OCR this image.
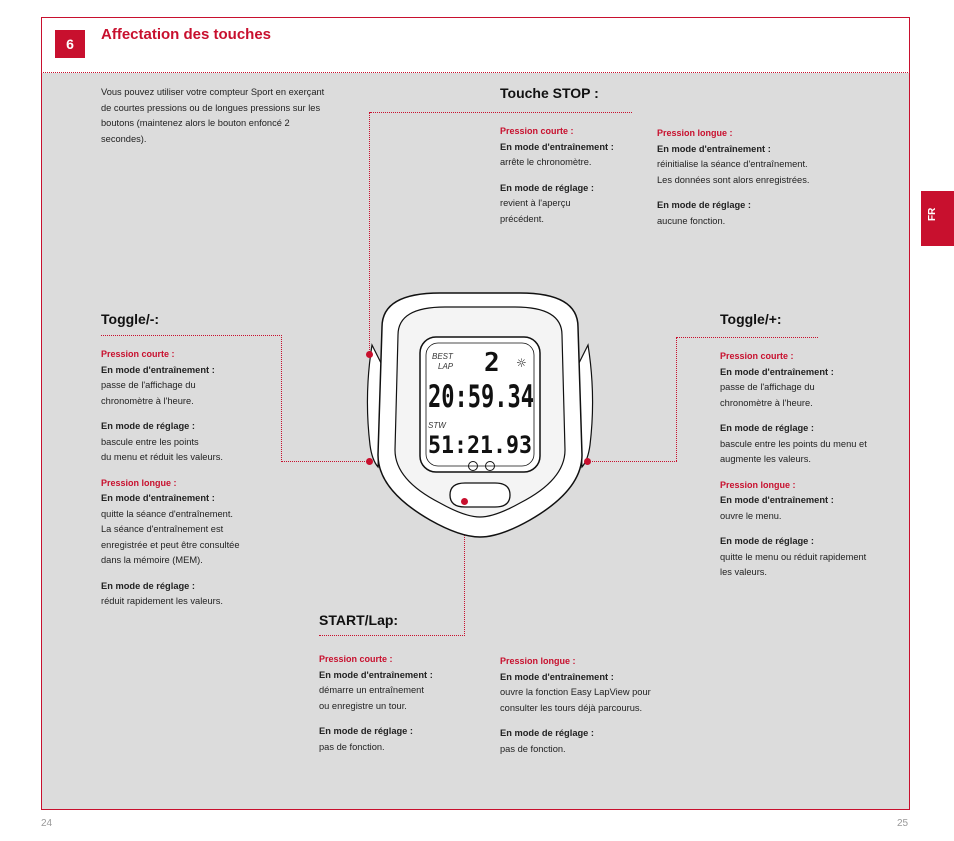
6
Affectation des touches
FR
24	25
Vous pouvez utiliser votre compteur Sport en exerçant de courtes pressions ou de longues pressions sur les boutons (maintenez alors le bouton enfoncé 2 secondes).
Touche STOP :
Pression courte :
En mode d'entraînement :
arrête le chronomètre.
En mode de réglage :
revient à l'aperçu
précédent.
Pression longue :
En mode d'entraînement :
réinitialise la séance d'entraînement.
Les données sont alors enregistrées.
En mode de réglage :
aucune fonction.
Toggle/-:
Pression courte :
En mode d'entraînement :
passe de l'affichage du
chronomètre à l'heure.
En mode de réglage :
bascule entre les points
du menu et réduit les valeurs.
Pression longue :
En mode d'entraînement :
quitte la séance d'entraînement.
La séance d'entraînement est
enregistrée et peut être consultée
dans la mémoire (MEM).
En mode de réglage :
réduit rapidement les valeurs.
Toggle/+:
Pression courte :
En mode d'entraînement :
passe de l'affichage du
chronomètre à l'heure.
En mode de réglage :
bascule entre les points du menu et
augmente les valeurs.
Pression longue :
En mode d'entraînement :
ouvre le menu.
En mode de réglage :
quitte le menu ou réduit rapidement
les valeurs.
START/Lap:
Pression courte :
En mode d'entraînement :
démarre un entraînement
ou enregistre un tour.
En mode de réglage :
pas de fonction.
Pression longue :
En mode d'entraînement :
ouvre la fonction Easy LapView pour
consulter les tours déjà parcourus.
En mode de réglage :
pas de fonction.
BEST
LAP 2 ☼
20:59.34
STW
51:21.93
